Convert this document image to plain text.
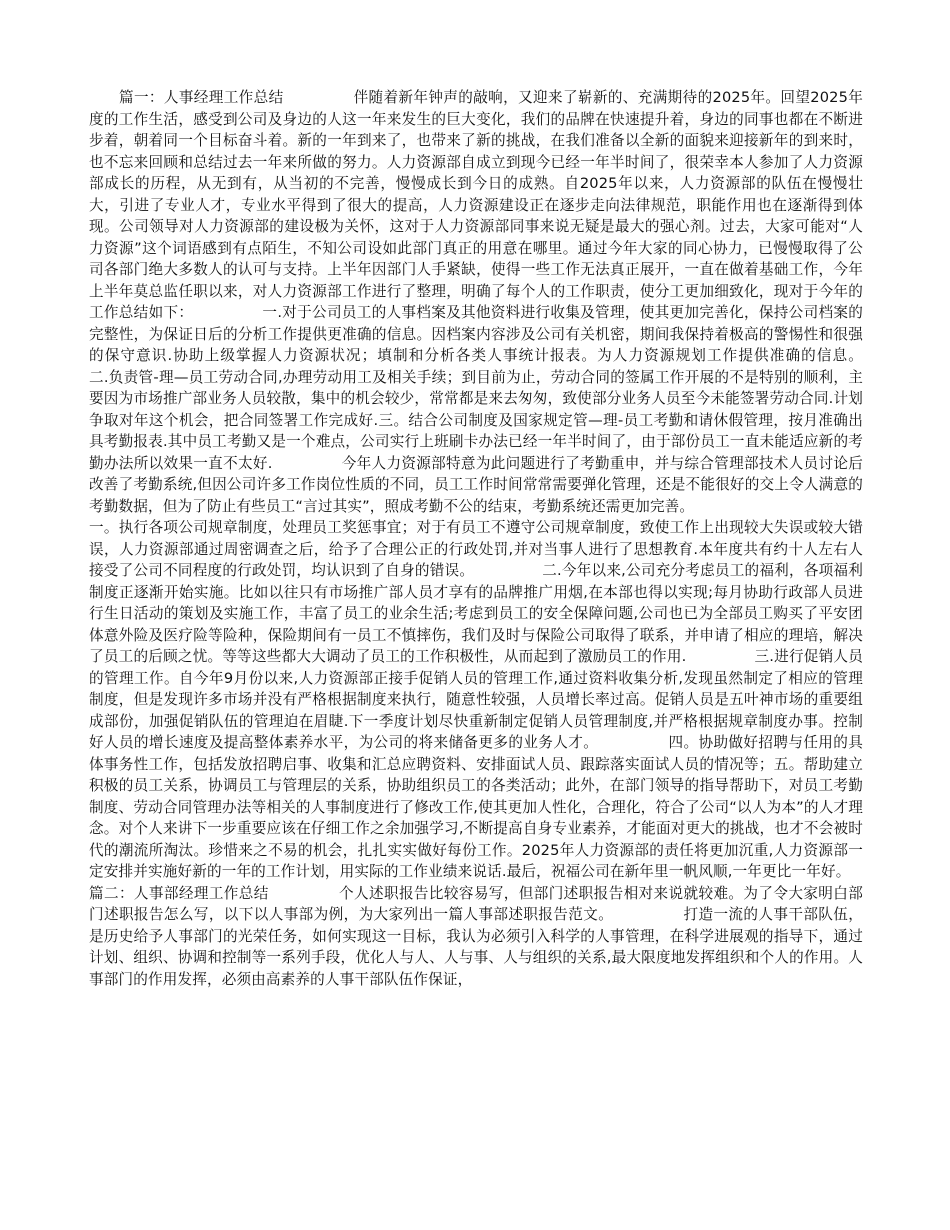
篇一：人事经理工作总结              伴随着新年钟声的敲响，又迎来了崭新的、充满期待的2025年。回望2025年度的工作生活，感受到公司及身边的人这一年来发生的巨大变化，我们的品牌在快速提升着，身边的同事也都在不断进步着，朝着同一个目标奋斗着。新的一年到来了，也带来了新的挑战，在我们准备以全新的面貌来迎接新年的到来时，也不忘来回顾和总结过去一年来所做的努力。人力资源部自成立到现今已经一年半时间了，很荣幸本人参加了人力资源部成长的历程，从无到有，从当初的不完善，慢慢成长到今日的成熟。自2025年以来，人力资源部的队伍在慢慢壮大，引进了专业人才，专业水平得到了很大的提高，人力资源建设正在逐步走向法律规范，职能作用也在逐渐得到体现。公司领导对人力资源部的建设极为关怀，这对于人力资源部同事来说无疑是最大的强心剂。过去，大家可能对“人力资源”这个词语感到有点陌生，不知公司设如此部门真正的用意在哪里。通过今年大家的同心协力，已慢慢取得了公司各部门绝大多数人的认可与支持。上半年因部门人手紧缺，使得一些工作无法真正展开，一直在做着基础工作，今年上半年莫总监任职以来，对人力资源部工作进行了整理，明确了每个人的工作职责，使分工更加细致化，现对于今年的工作总结如下：              一.对于公司员工的人事档案及其他资料进行收集及管理，使其更加完善化，保持公司档案的完整性，为保证日后的分析工作提供更准确的信息。因档案内容涉及公司有关机密，期间我保持着极高的警惕性和很强的保守意识.协助上级掌握人力资源状况；填制和分析各类人事统计报表。为人力资源规划工作提供准确的信息。              二.负责管-理—员工劳动合同,办理劳动用工及相关手续；到目前为止，劳动合同的签属工作开展的不是特别的顺利，主要因为市场推广部业务人员较散，集中的机会较少，常常都是来去匆匆，致使部分业务人员至今未能签署劳动合同.计划争取对年这个机会，把合同签署工作完成好.三。结合公司制度及国家规定管—理-员工考勤和请休假管理，按月准确出具考勤报表.其中员工考勤又是一个难点，公司实行上班刷卡办法已经一年半时间了，由于部份员工一直未能适应新的考勤办法所以效果一直不太好.              今年人力资源部特意为此问题进行了考勤重申，并与综合管理部技术人员讨论后改善了考勤系统,但因公司许多工作岗位性质的不同，员工工作时间常常需要弹化管理，还是不能很好的交上令人满意的考勤数据，但为了防止有些员工“言过其实”，照成考勤不公的结束，考勤系统还需更加完善。

一。执行各项公司规章制度，处理员工奖惩事宜；对于有员工不遵守公司规章制度，致使工作上出现较大失误或较大错误，人力资源部通过周密调查之后，给予了合理公正的行政处罚,并对当事人进行了思想教育.本年度共有约十人左右人接受了公司不同程度的行政处罚，均认识到了自身的错误。              二.今年以来,公司充分考虑员工的福利，各项福利制度正逐渐开始实施。比如以往只有市场推广部人员才享有的品牌推广用烟,在本部也得以实现;每月协助行政部人员进行生日活动的策划及实施工作，丰富了员工的业余生活;考虑到员工的安全保障问题,公司也已为全部员工购买了平安团体意外险及医疗险等险种，保险期间有一员工不慎摔伤，我们及时与保险公司取得了联系，并申请了相应的理培，解决了员工的后顾之忧。等等这些都大大调动了员工的工作积极性，从而起到了激励员工的作用.              三.进行促销人员的管理工作。自今年9月份以来,人力资源部正接手促销人员的管理工作,通过资料收集分析,发现虽然制定了相应的管理制度，但是发现许多市场并没有严格根据制度来执行，随意性较强，人员增长率过高。促销人员是五叶神市场的重要组成部份，加强促销队伍的管理迫在眉睫.下一季度计划尽快重新制定促销人员管理制度,并严格根据规章制度办事。控制好人员的增长速度及提高整体素养水平，为公司的将来储备更多的业务人才。              四。协助做好招聘与任用的具体事务性工作，包括发放招聘启事、收集和汇总应聘资料、安排面试人员、跟踪落实面试人员的情况等；五。帮助建立积极的员工关系，协调员工与管理层的关系，协助组织员工的各类活动；此外，在部门领导的指导帮助下，对员工考勤制度、劳动合同管理办法等相关的人事制度进行了修改工作,使其更加人性化，合理化，符合了公司“以人为本”的人才理念。对个人来讲下一步重要应该在仔细工作之余加强学习,不断提高自身专业素养，才能面对更大的挑战，也才不会被时代的潮流所淘汰。珍惜来之不易的机会，扎扎实实做好每份工作。2025年人力资源部的责任将更加沉重,人力资源部一定安排并实施好新的一年的工作计划，用实际的工作业绩来说话.最后，祝福公司在新年里一帆风顺,一年更比一年好。

篇二：人事部经理工作总结              个人述职报告比较容易写，但部门述职报告相对来说就较难。为了令大家明白部门述职报告怎么写，以下以人事部为例，为大家列出一篇人事部述职报告范文。              打造一流的人事干部队伍，是历史给予人事部门的光荣任务，如何实现这一目标，我认为必须引入科学的人事管理，在科学进展观的指导下，通过计划、组织、协调和控制等一系列手段，优化人与人、人与事、人与组织的关系,最大限度地发挥组织和个人的作用。人事部门的作用发挥，必须由高素养的人事干部队伍作保证，
